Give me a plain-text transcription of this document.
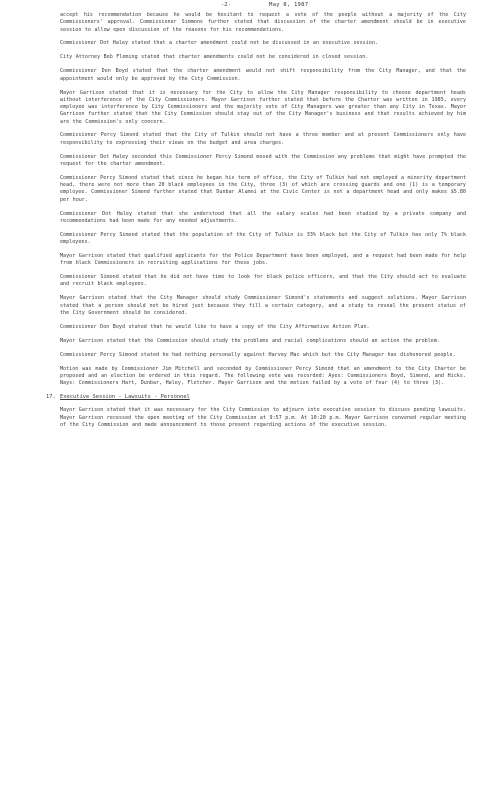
-2-	May 8, 1987

accept his recommendation because he would be hesitant to request a vote of the people without a majority of the City Commissioners' approval. Commissioner Simmons further stated that discussion of the charter amendment should be in executive session to allow open discussion of the reasons for his recommendations.

Commissioner Dot Haley stated that a charter amendment could not be discussed in an executive session.

City Attorney Bob Fleming stated that charter amendments could not be considered in closed session.

Commissioner Don Boyd stated that the charter amendment would not shift responsibility from the City Manager, and that the appointment would only be approved by the City Commission.

Mayor Garrison stated that it is necessary for the City to allow the City Manager responsibility to choose department heads without interference of the City Commissioners. Mayor Garrison further stated that before the Charter was written in 1985, every employee was interference by City Commissioners and the majority vote of City Managers was greater than any City in Texas. Mayor Garrison further stated that the City Commission should stay out of the City Manager's business and that results achieved by him are the Commission's only concern.

Commissioner Percy Simond stated that the City of Tulkin should not have a three member and at present Commissioners only have responsibility to expressing their views on the budget and area charges.

Commissioner Dot Haley seconded this Commissioner Percy Simond moved with the Commission any problems that might have prompted the request for the charter amendment.

Commissioner Percy Simond stated that since he began his term of office, the City of Tulkin had not employed a minority department head, there were not more than 20 black employees in the City, three (3) of which are crossing guards and one (1) is a temporary employee. Commissioner Simond further stated that Dunbar Alumni at the Civic Center is not a department head and only makes $5.80 per hour.

Commissioner Dot Haley stated that she understood that all the salary scales had been studied by a private company and recommendations had been made for any needed adjustments.

Commissioner Percy Simond stated that the population of the City of Tulkin is 33% black but the City of Tulkin has only 7% black employees.

Mayor Garrison stated that qualified applicants for the Police Department have been employed, and a request had been made for help from black Commissioners in recruiting applications for these jobs.

Commissioner Simond stated that he did not have time to look for black police officers, and that the City should act to evaluate and recruit black employees.

Mayor Garrison stated that the City Manager should study Commissioner Simond's statements and suggest solutions. Mayor Garrison stated that a person should not be hired just because they fill a certain category, and a study to reveal the present status of the City Government should be considered.

Commissioner Don Boyd stated that he would like to have a copy of the City Affirmative Action Plan.

Mayor Garrison stated that the Commission should study the problems and racial complications should an action the problem.

Commissioner Percy Simond stated he had nothing personally against Harvey Mac which but the City Manager has dishonored people.

Motion was made by Commissioner Jim Mitchell and seconded by Commissioner Percy Simond that an amendment to the City Charter be proposed and an election be ordered in this regard. The following vote was recorded: Ayes: Commissioners Boyd, Simond, and Hicks. Nays: Commissioners Hart, Dunbar, Haley, Fletcher. Mayor Garrison and the motion failed by a vote of four (4) to three (3).

17. Executive Session - Lawsuits - Personnel

Mayor Garrison stated that it was necessary for the City Commission to adjourn into executive session to discuss pending lawsuits. Mayor Garrison recessed the open meeting of the City Commission at 9:57 p.m. At 10:20 p.m. Mayor Garrison convened regular meeting of the City Commission and made announcement to those present regarding actions of the executive session.
